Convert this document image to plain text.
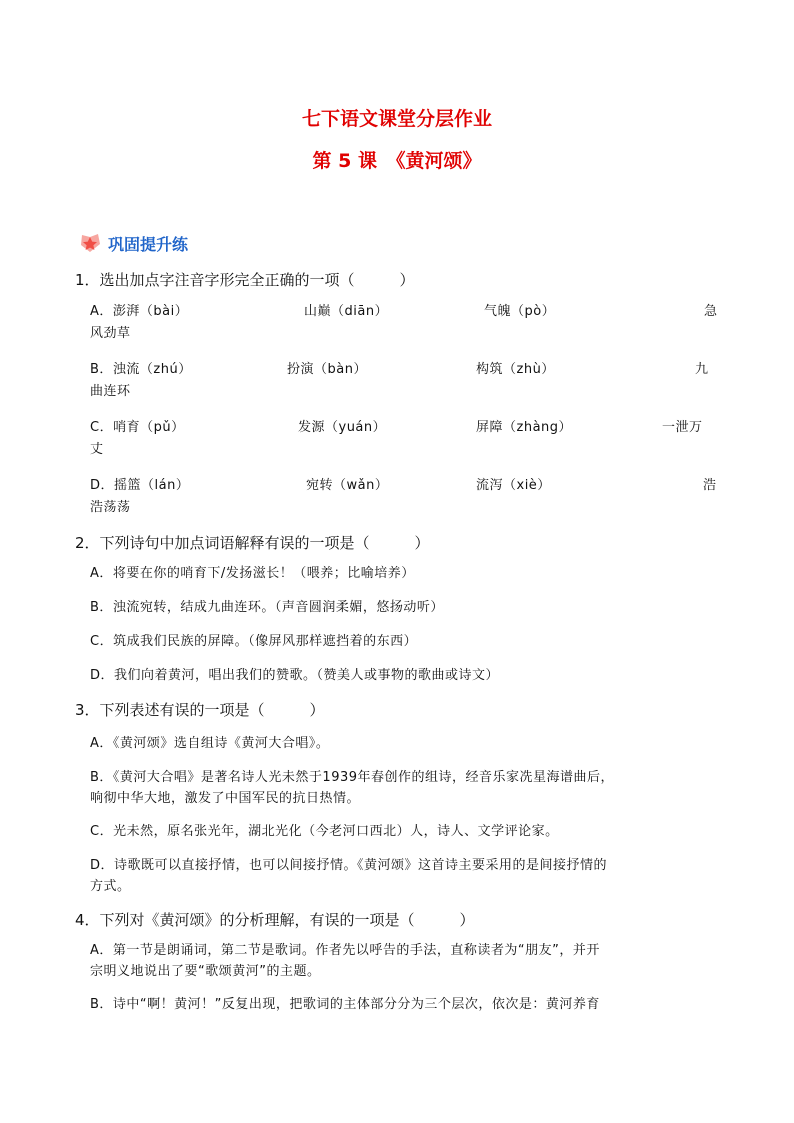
七下语文课堂分层作业
第 5 课　《黄河颂》
巩固提升练
1．选出加点字注音字形完全正确的一项（　　　）
A．澎湃（bài）	山巅（diān）	气魄（pò）	急
风劲草
B．浊流（zhú）	扮演（bàn）	构筑（zhù）	九
曲连环
C．哨育（pǔ）	发源（yuán）	屏障（zhàng）	一泄万
丈
D．摇篮（lán）	宛转（wǎn）	流泻（xiè）	浩
浩荡荡
2．下列诗句中加点词语解释有误的一项是（　　　）
A．将要在你的哨育下/发扬滋长！（喂养；比喻培养）
B．浊流宛转，结成九曲连环。（声音圆润柔媚，悠扬动听）
C．筑成我们民族的屏障。（像屏风那样遮挡着的东西）
D．我们向着黄河，唱出我们的赞歌。（赞美人或事物的歌曲或诗文）
3．下列表述有误的一项是（　　　）
A．《黄河颂》选自组诗《黄河大合唱》。
B．《黄河大合唱》是著名诗人光未然于1939年春创作的组诗，经音乐家冼星海谱曲后，
响彻中华大地，激发了中国军民的抗日热情。
C．光未然，原名张光年，湖北光化（今老河口西北）人，诗人、文学评论家。
D．诗歌既可以直接抒情，也可以间接抒情。《黄河颂》这首诗主要采用的是间接抒情的
方式。
4．下列对《黄河颂》的分析理解，有误的一项是（　　　）
A．第一节是朗诵词，第二节是歌词。作者先以呼告的手法，直称读者为“朋友”，并开
宗明义地说出了要“歌颂黄河”的主题。
B．诗中“啊！黄河！”反复出现，把歌词的主体部分分为三个层次，依次是：黄河养育
